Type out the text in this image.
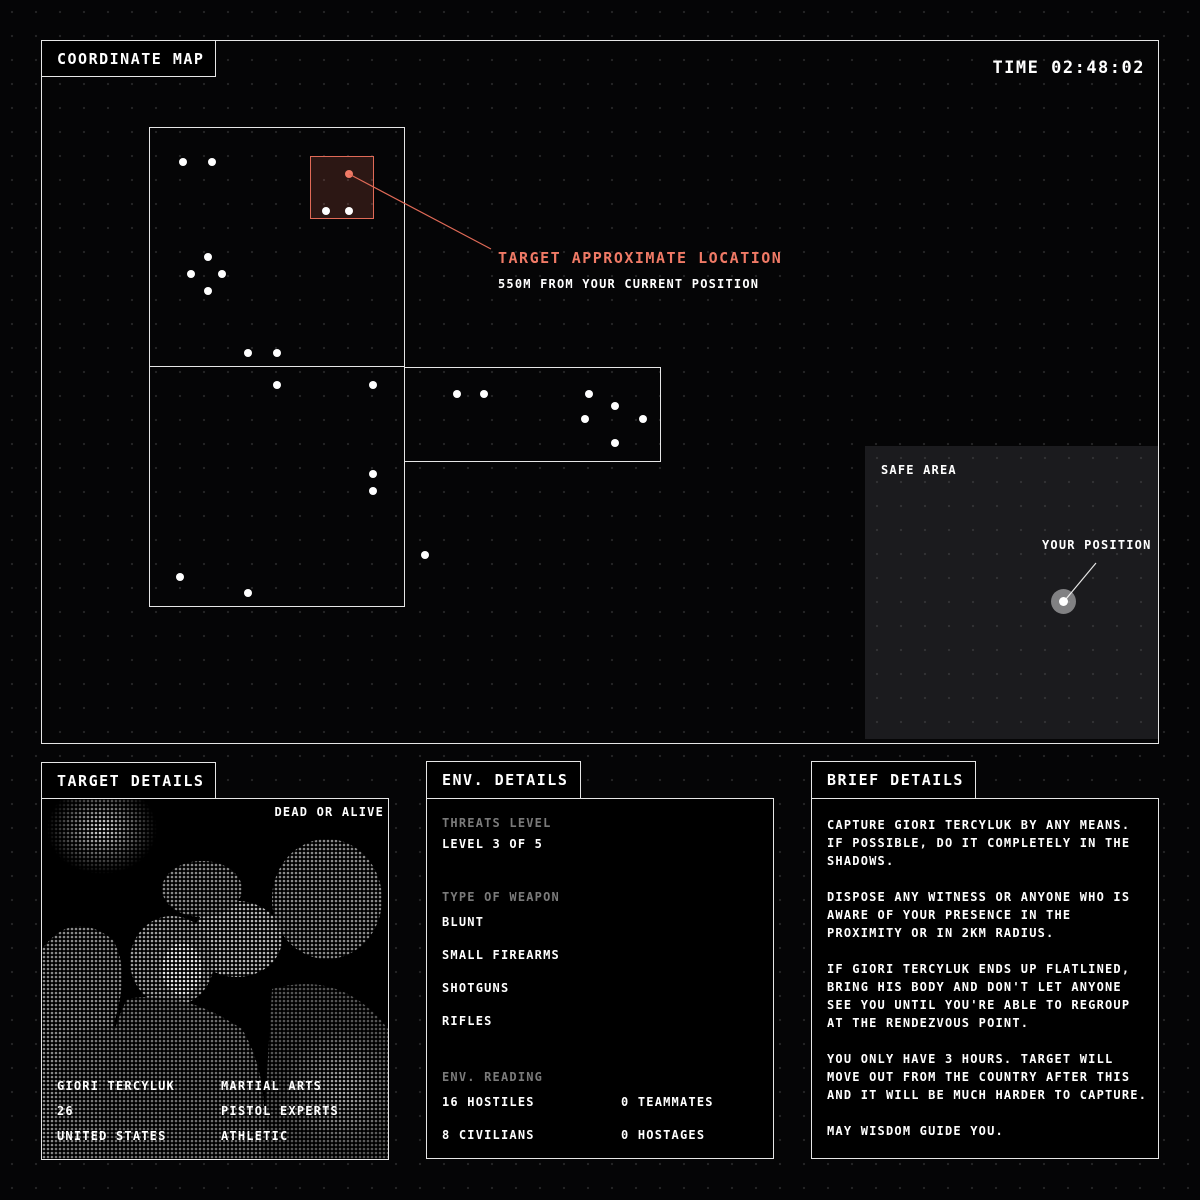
COORDINATE MAP	TIME 02:48:02
TARGET APPROXIMATE LOCATION
550M FROM YOUR CURRENT POSITION
SAFE AREA
YOUR POSITION
DEAD OR ALIVE
GIORI TERCYLUK
26
UNITED STATES
MARTIAL ARTS
PISTOL EXPERTS
ATHLETIC
TARGET DETAILS
THREATS LEVEL
LEVEL 3 OF 5
TYPE OF WEAPON
BLUNT
SMALL FIREARMS
SHOTGUNS
RIFLES
ENV. READING
16 HOSTILES	0 TEAMMATES
8 CIVILIANS	0 HOSTAGES
ENV. DETAILS

CAPTURE GIORI TERCYLUK BY ANY MEANS.
IF POSSIBLE, DO IT COMPLETELY IN THE
SHADOWS.

DISPOSE ANY WITNESS OR ANYONE WHO IS
AWARE OF YOUR PRESENCE IN THE
PROXIMITY OR IN 2KM RADIUS.

IF GIORI TERCYLUK ENDS UP FLATLINED,
BRING HIS BODY AND DON'T LET ANYONE
SEE YOU UNTIL YOU'RE ABLE TO REGROUP
AT THE RENDEZVOUS POINT.

YOU ONLY HAVE 3 HOURS. TARGET WILL
MOVE OUT FROM THE COUNTRY AFTER THIS
AND IT WILL BE MUCH HARDER TO CAPTURE.

MAY WISDOM GUIDE YOU.

BRIEF DETAILS
